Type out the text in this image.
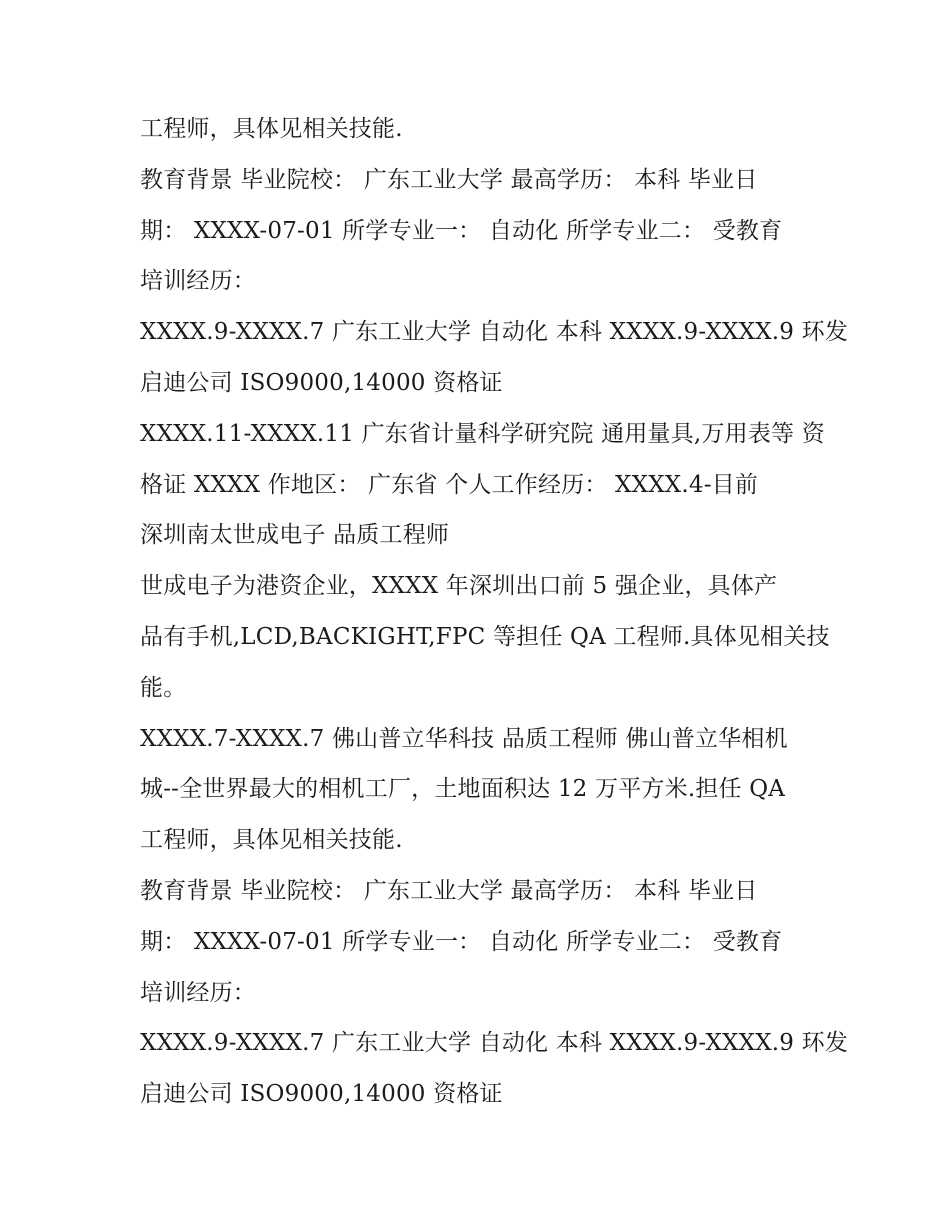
工程师，具体见相关技能.
教育背景 毕业院校： 广东工业大学 最高学历： 本科 毕业日
期： XXXX-07-01 所学专业一： 自动化 所学专业二： 受教育
培训经历：
XXXX.9-XXXX.7 广东工业大学 自动化 本科 XXXX.9-XXXX.9 环发
启迪公司 ISO9000,14000 资格证
XXXX.11-XXXX.11 广东省计量科学研究院 通用量具,万用表等 资
格证 XXXX 作地区： 广东省 个人工作经历： XXXX.4-目前
深圳南太世成电子 品质工程师
世成电子为港资企业，XXXX 年深圳出口前 5 强企业，具体产
品有手机,LCD,BACKIGHT,FPC 等担任 QA 工程师.具体见相关技
能。
XXXX.7-XXXX.7 佛山普立华科技 品质工程师 佛山普立华相机
城--全世界最大的相机工厂，土地面积达 12 万平方米.担任 QA
工程师，具体见相关技能.
教育背景 毕业院校： 广东工业大学 最高学历： 本科 毕业日
期： XXXX-07-01 所学专业一： 自动化 所学专业二： 受教育
培训经历：
XXXX.9-XXXX.7 广东工业大学 自动化 本科 XXXX.9-XXXX.9 环发
启迪公司 ISO9000,14000 资格证
